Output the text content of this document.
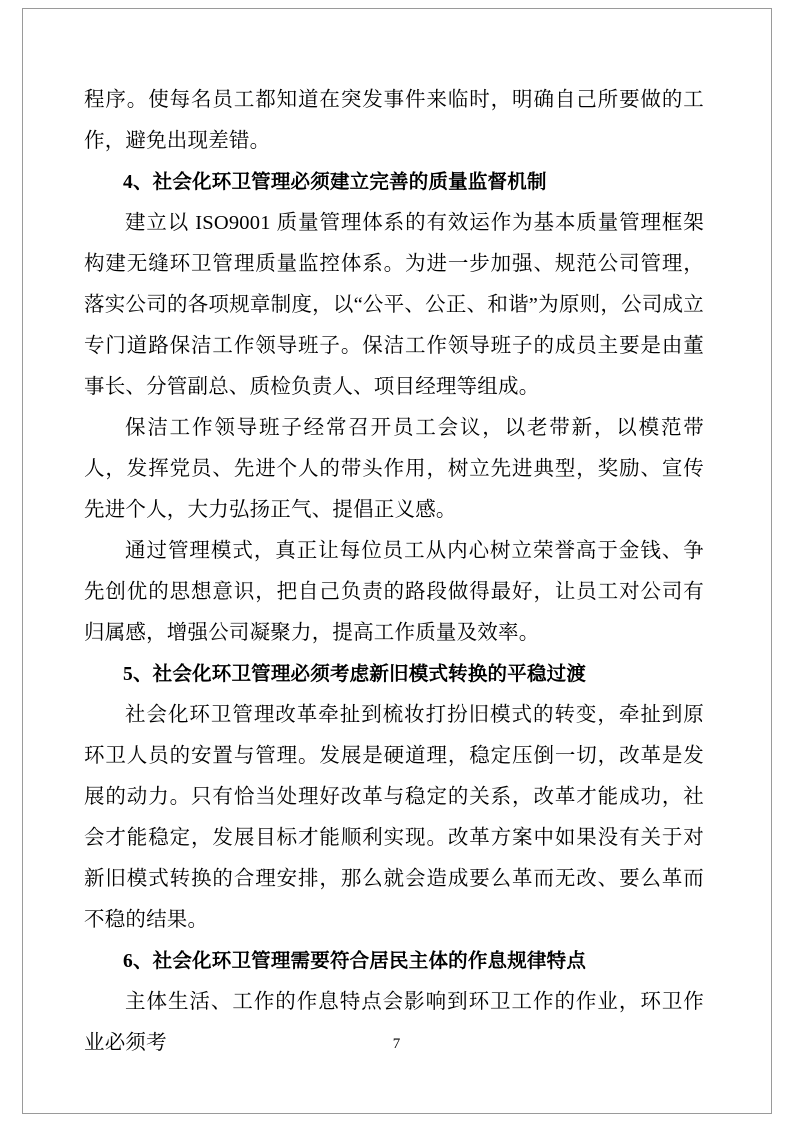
程序。使每名员工都知道在突发事件来临时，明确自己所要做的工作，避免出现差错。

4、社会化环卫管理必须建立完善的质量监督机制

建立以 ISO9001 质量管理体系的有效运作为基本质量管理框架构建无缝环卫管理质量监控体系。为进一步加强、规范公司管理，落实公司的各项规章制度，以“公平、公正、和谐”为原则，公司成立专门道路保洁工作领导班子。保洁工作领导班子的成员主要是由董事长、分管副总、质检负责人、项目经理等组成。

保洁工作领导班子经常召开员工会议，以老带新，以模范带人，发挥党员、先进个人的带头作用，树立先进典型，奖励、宣传先进个人，大力弘扬正气、提倡正义感。

通过管理模式，真正让每位员工从内心树立荣誉高于金钱、争先创优的思想意识，把自己负责的路段做得最好，让员工对公司有归属感，增强公司凝聚力，提高工作质量及效率。

5、社会化环卫管理必须考虑新旧模式转换的平稳过渡

社会化环卫管理改革牵扯到梳妆打扮旧模式的转变，牵扯到原环卫人员的安置与管理。发展是硬道理，稳定压倒一切，改革是发展的动力。只有恰当处理好改革与稳定的关系，改革才能成功，社会才能稳定，发展目标才能顺利实现。改革方案中如果没有关于对新旧模式转换的合理安排，那么就会造成要么革而无改、要么革而不稳的结果。

6、社会化环卫管理需要符合居民主体的作息规律特点

主体生活、工作的作息特点会影响到环卫工作的作业，环卫作业必须考	7
